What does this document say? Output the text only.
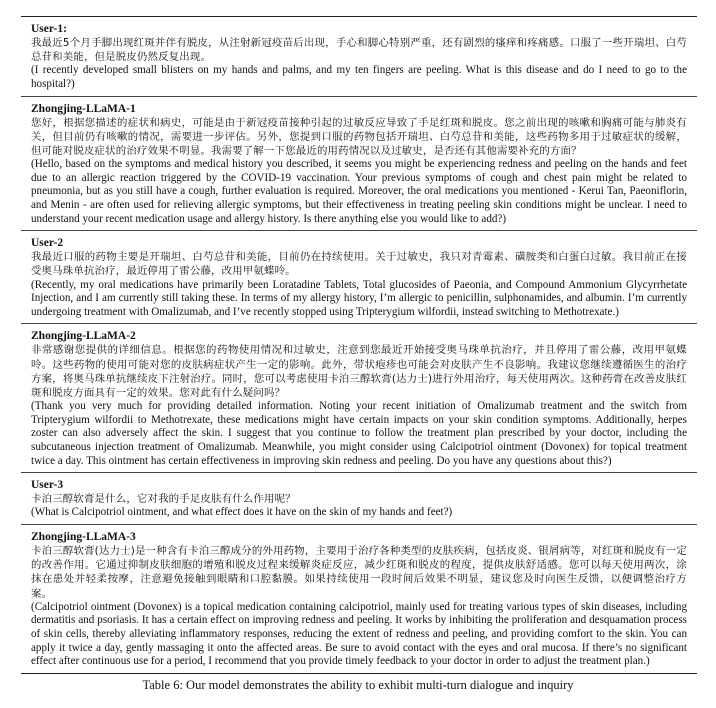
User-1:
我最近5个月手脚出现红斑并伴有脱皮，从注射新冠疫苗后出现，手心和脚心特别严重，还有剧烈的瘙痒和疼痛感。口服了一些开瑞坦、白芍总苷和美能，但是脱皮仍然反复出现。
(I recently developed small blisters on my hands and palms, and my ten fingers are peeling. What is this disease and do I need to go to the hospital?)
Zhongjing-LLaMA-1
您好，根据您描述的症状和病史，可能是由于新冠疫苗接种引起的过敏反应导致了手足红斑和脱皮。您之前出现的咳嗽和胸痛可能与肺炎有关，但目前仍有咳嗽的情况，需要进一步评估。另外，您提到口服的药物包括开瑞坦、白芍总苷和美能，这些药物多用于过敏症状的缓解，但可能对脱皮症状的治疗效果不明显。我需要了解一下您最近的用药情况以及过敏史，是否还有其他需要补充的方面？
(Hello, based on the symptoms and medical history you described, it seems you might be experiencing redness and peeling on the hands and feet due to an allergic reaction triggered by the COVID-19 vaccination. Your previous symptoms of cough and chest pain might be related to pneumonia, but as you still have a cough, further evaluation is required. Moreover, the oral medications you mentioned - Kerui Tan, Paeoniflorin, and Menin - are often used for relieving allergic symptoms, but their effectiveness in treating peeling skin conditions might be unclear. I need to understand your recent medication usage and allergy history. Is there anything else you would like to add?)
User-2
我最近口服的药物主要是开瑞坦、白芍总苷和美能，目前仍在持续使用。关于过敏史，我只对青霉素、磺胺类和白蛋白过敏。我目前正在接受奥马珠单抗治疗，最近停用了雷公藤，改用甲氨蝶呤。
(Recently, my oral medications have primarily been Loratadine Tablets, Total glucosides of Paeonia, and Compound Ammonium Glycyrrhetate Injection, and I am currently still taking these. In terms of my allergy history, I’m allergic to penicillin, sulphonamides, and albumin. I’m currently undergoing treatment with Omalizumab, and I’ve recently stopped using Tripterygium wilfordii, instead switching to Methotrexate.)
Zhongjing-LLaMA-2
非常感谢您提供的详细信息。根据您的药物使用情况和过敏史，注意到您最近开始接受奥马珠单抗治疗，并且停用了雷公藤，改用甲氨蝶呤。这些药物的使用可能对您的皮肤病症状产生一定的影响。此外，带状疱疹也可能会对皮肤产生不良影响。我建议您继续遵循医生的治疗方案，将奥马珠单抗继续皮下注射治疗。同时，您可以考虑使用卡泊三醇软膏(达力士)进行外用治疗，每天使用两次。这种药膏在改善皮肤红斑和脱皮方面具有一定的效果。您对此有什么疑问吗？
(Thank you very much for providing detailed information. Noting your recent initiation of Omalizumab treatment and the switch from Tripterygium wilfordii to Methotrexate, these medications might have certain impacts on your skin condition symptoms. Additionally, herpes zoster can also adversely affect the skin. I suggest that you continue to follow the treatment plan prescribed by your doctor, including the subcutaneous injection treatment of Omalizumab. Meanwhile, you might consider using Calcipotriol ointment (Dovonex) for topical treatment twice a day. This ointment has certain effectiveness in improving skin redness and peeling. Do you have any questions about this?)
User-3
卡泊三醇软膏是什么，它对我的手足皮肤有什么作用呢？
(What is Calcipotriol ointment, and what effect does it have on the skin of my hands and feet?)
Zhongjing-LLaMA-3
卡泊三醇软膏(达力士)是一种含有卡泊三醇成分的外用药物，主要用于治疗各种类型的皮肤疾病，包括皮炎、银屑病等，对红斑和脱皮有一定的改善作用。它通过抑制皮肤细胞的增殖和脱皮过程来缓解炎症反应，减少红斑和脱皮的程度，提供皮肤舒适感。您可以每天使用两次，涂抹在患处并轻柔按摩，注意避免接触到眼睛和口腔黏膜。如果持续使用一段时间后效果不明显，建议您及时向医生反馈，以便调整治疗方案。
(Calcipotriol ointment (Dovonex) is a topical medication containing calcipotriol, mainly used for treating various types of skin diseases, including dermatitis and psoriasis. It has a certain effect on improving redness and peeling. It works by inhibiting the proliferation and desquamation process of skin cells, thereby alleviating inflammatory responses, reducing the extent of redness and peeling, and providing comfort to the skin. You can apply it twice a day, gently massaging it onto the affected areas. Be sure to avoid contact with the eyes and oral mucosa. If there’s no significant effect after continuous use for a period, I recommend that you provide timely feedback to your doctor in order to adjust the treatment plan.)
Table 6: Our model demonstrates the ability to exhibit multi-turn dialogue and inquiry
